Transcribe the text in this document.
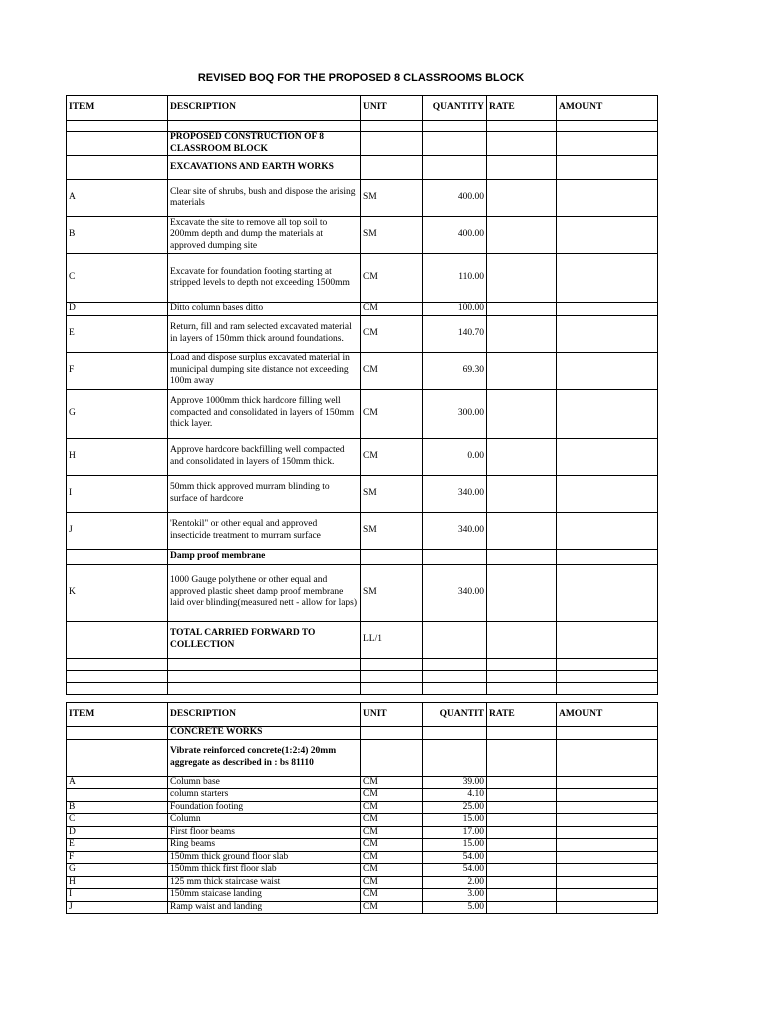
REVISED BOQ FOR THE PROPOSED 8 CLASSROOMS BLOCK
ITEM	DESCRIPTION	UNIT	QUANTITY	RATE	AMOUNT

	PROPOSED CONSTRUCTION OF 8 CLASSROOM BLOCK				
	EXCAVATIONS AND EARTH WORKS				
A	Clear site of shrubs, bush and dispose the arising materials	SM	400.00		
B	Excavate the site to remove all top soil to 200mm depth and dump the materials at approved dumping site	SM	400.00		
C	Excavate for foundation footing starting at stripped levels to depth not exceeding 1500mm	CM	110.00		
D	Ditto column bases ditto	CM	100.00		
E	Return, fill and ram selected excavated material in layers of 150mm thick around foundations.	CM	140.70		
F	Load and dispose surplus excavated material in municipal dumping site distance not exceeding 100m away	CM	69.30		
G	Approve 1000mm thick hardcore filling well compacted and consolidated in layers of 150mm thick layer.	CM	300.00		
H	Approve hardcore backfilling well compacted and consolidated in layers of 150mm thick.	CM	0.00		
I	50mm thick approved murram blinding to surface of hardcore	SM	340.00		
J	'Rentokil" or other equal and approved insecticide treatment to murram surface	SM	340.00		
	Damp proof membrane				
K	1000 Gauge polythene or other equal and approved plastic sheet damp proof membrane laid over blinding(measured nett - allow for laps)	SM	340.00		
	TOTAL CARRIED FORWARD TO COLLECTION	LL/1			

ITEM	DESCRIPTION	UNIT	QUANTIT	RATE	AMOUNT
	CONCRETE WORKS				
	Vibrate reinforced concrete(1:2:4) 20mm aggregate as described in : bs 81110				
A	Column base	CM	39.00		
	column starters	CM	4.10		
B	Foundation footing	CM	25.00		
C	Column	CM	15.00		
D	First floor beams	CM	17.00		
E	Ring beams	CM	15.00		
F	150mm thick ground floor slab	CM	54.00		
G	150mm thick first floor slab	CM	54.00		
H	125 mm thick staircase waist	CM	2.00		
I	150mm staicase landing	CM	3.00		
J	Ramp waist and landing	CM	5.00		
